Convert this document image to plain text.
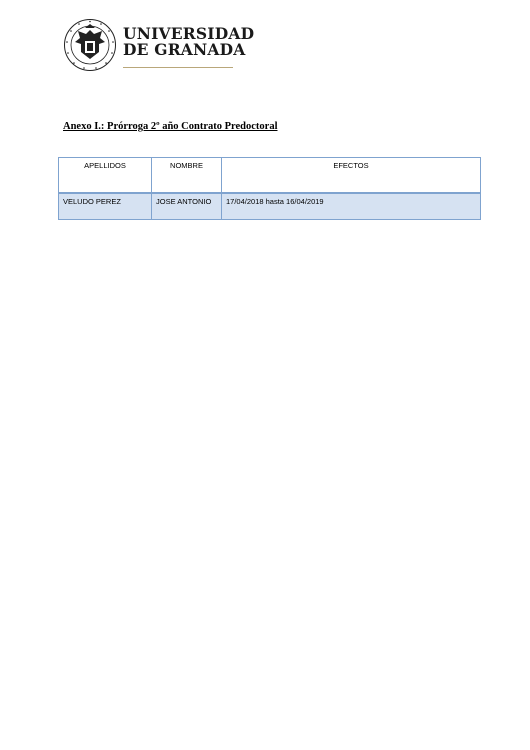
UNIVERSIDAD
DE GRANADA
Anexo I.: Prórroga 2º año Contrato Predoctoral
APELLIDOS	NOMBRE	EFECTOS
VELUDO PEREZ	JOSE ANTONIO	17/04/2018 hasta 16/04/2019
